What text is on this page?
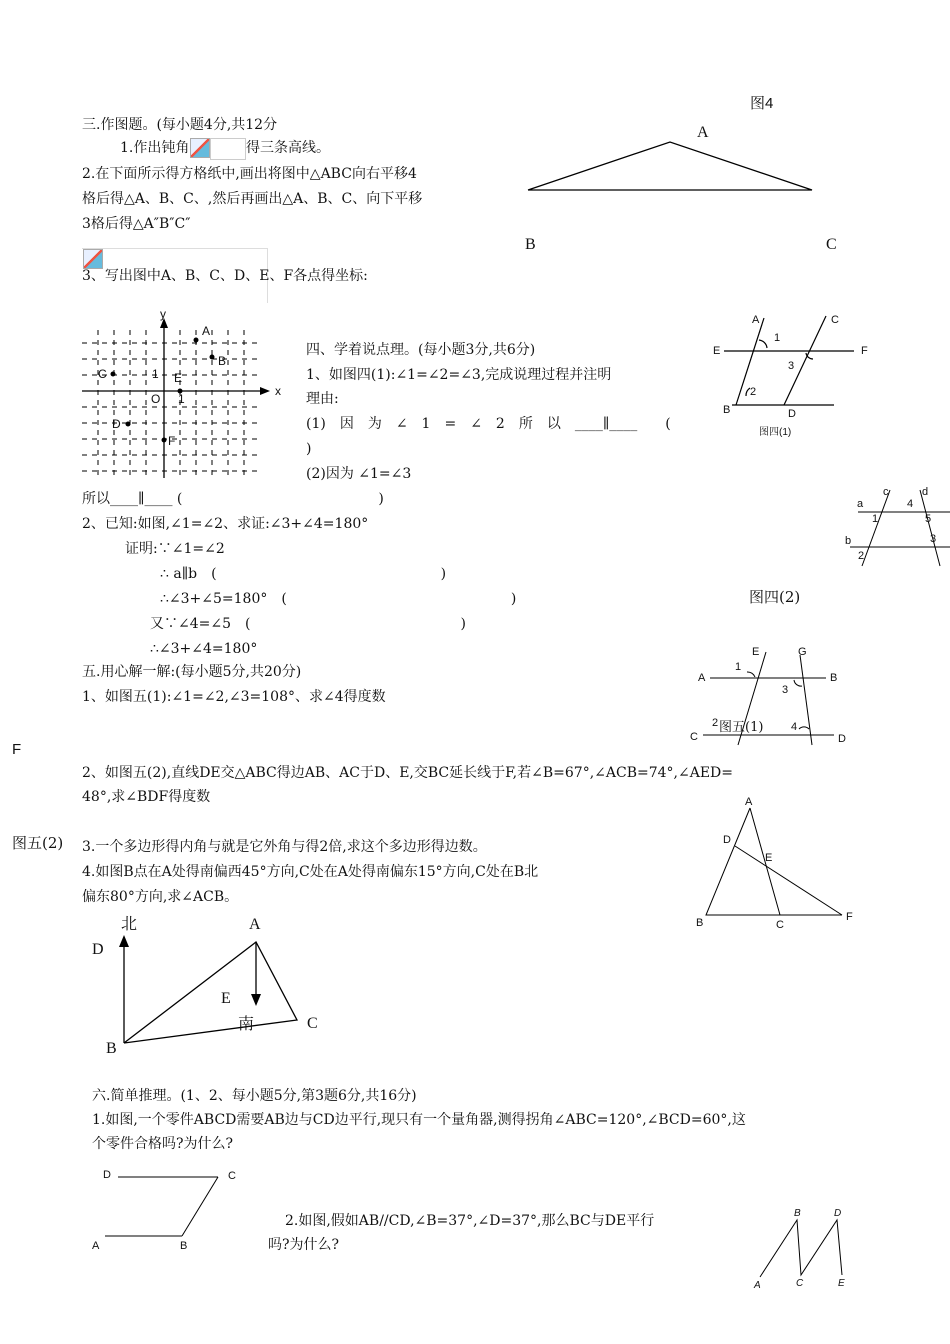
图4
A
B	C
三.作图题。(每小题4分,共12分
1.作出钝角	得三条高线。
2.在下面所示得方格纸中,画出将图中△ABC向右平移4
格后得△A、B、C、,然后再画出△A、B、C、向下平移
3格后得△A″B″C″
3、写出图中A、B、C、D、E、F各点得坐标:
y
x
O
1
1
A
B
C	E
D
F
四、学着说点理。(每小题3分,共6分)
1、如图四(1):∠1=∠2=∠3,完成说理过程并注明
理由:
(1)　因　为　∠　1　=　∠　2　所　以　____∥____　　(
)
(2)因为 ∠1=∠3
所以____∥____ (　　　　　　　　　　　　　　)
2、已知:如图,∠1=∠2、求证:∠3+∠4=180°
证明:∵∠1=∠2
∴ a∥b　(　　　　　　　　　　　　　　　　)
∴∠3+∠5=180°　(　　　　　　　　　　　　　　　　)
又∵∠4=∠5　(　　　　　　　　　　　　　　　)
∴∠3+∠4=180°
A	C
E	F
B	D
1
2
3
图四(1)
a
b
c	d
1
2
3
4
5
图四(2)
五.用心解一解:(每小题5分,共20分)
1、如图五(1):∠1=∠2,∠3=108°、求∠4得度数
F
2、如图五(2),直线DE交△ABC得边AB、AC于D、E,交BC延长线于F,若∠B=67°,∠ACB=74°,∠AED=
48°,求∠BDF得度数
图五(2) 3.一个多边形得内角与就是它外角与得2倍,求这个多边形得边数。
4.如图B点在A处得南偏西45°方向,C处在A处得南偏东15°方向,C处在B北
偏东80°方向,求∠ACB。
E	G
A	B
C	D
1
2
3
4
图五(1)
A
D
E
B	C
F
北	A
D
E
南	C
B
六.简单推理。(1、2、每小题5分,第3题6分,共16分)
1.如图,一个零件ABCD需要AB边与CD边平行,现只有一个量角器,测得拐角∠ABC=120°,∠BCD=60°,这
个零件合格吗?为什么?
D	C
A	B
2.如图,假如AB//CD,∠B=37°,∠D=37°,那么BC与DE平行
吗?为什么?
A
B
C
D
E
